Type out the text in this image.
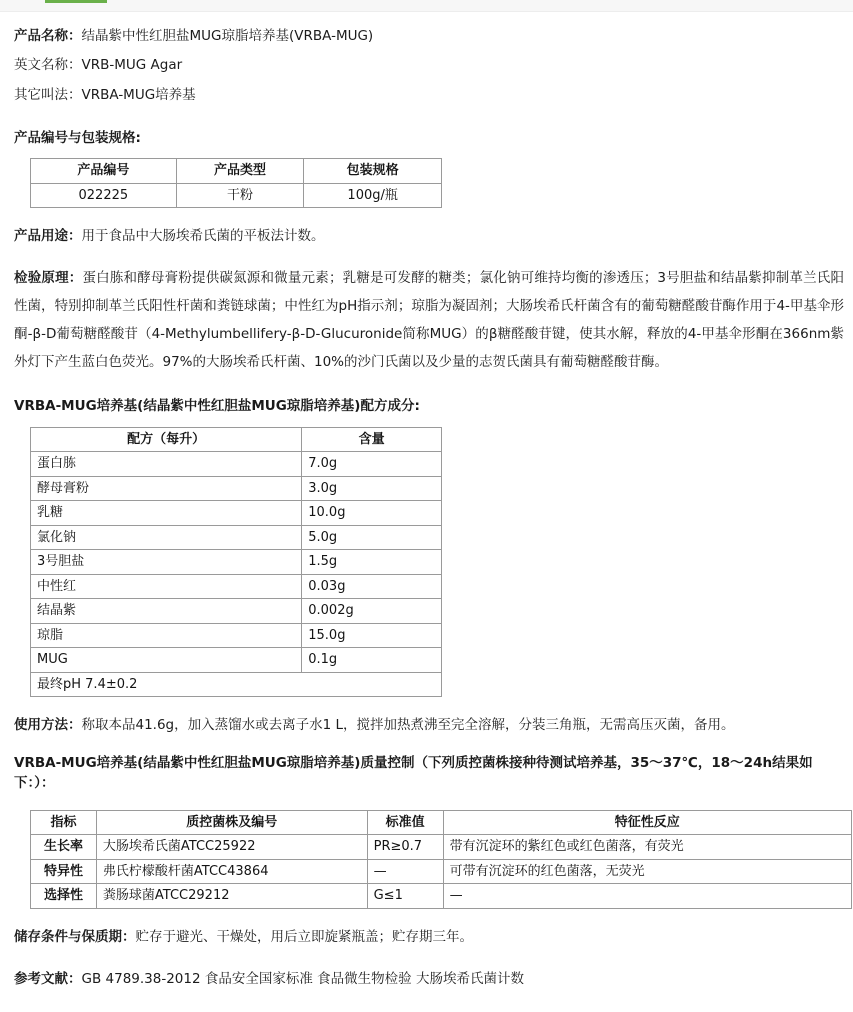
产品名称：结晶紫中性红胆盐MUG琼脂培养基(VRBA-MUG)
英文名称：VRB-MUG Agar
其它叫法：VRBA-MUG培养基
产品编号与包装规格:
产品编号	产品类型	包装规格
022225	干粉	100g/瓶

产品用途：用于食品中大肠埃希氏菌的平板法计数。

检验原理：蛋白胨和酵母膏粉提供碳氮源和微量元素；乳糖是可发酵的糖类；氯化钠可维持均衡的渗透压；3号胆盐和结晶紫抑制革兰氏阳性菌，特别抑制革兰氏阳性杆菌和粪链球菌；中性红为pH指示剂；琼脂为凝固剂；大肠埃希氏杆菌含有的葡萄糖醛酸苷酶作用于4-甲基伞形酮-β-D葡萄糖醛酸苷（4-Methylumbellifery-β-D-Glucuronide简称MUG）的β糖醛酸苷键，使其水解，释放的4-甲基伞形酮在366nm紫外灯下产生蓝白色荧光。97%的大肠埃希氏杆菌、10%的沙门氏菌以及少量的志贺氏菌具有葡萄糖醛酸苷酶。

VRBA-MUG培养基(结晶紫中性红胆盐MUG琼脂培养基)配方成分:
配方（每升）	含量
蛋白胨	7.0g
酵母膏粉	3.0g
乳糖	10.0g
氯化钠	5.0g
3号胆盐	1.5g
中性红	0.03g
结晶紫	0.002g
琼脂	15.0g
MUG	0.1g
最终pH 7.4±0.2	

使用方法：称取本品41.6g，加入蒸馏水或去离子水1 L，搅拌加热煮沸至完全溶解，分装三角瓶，无需高压灭菌，备用。

VRBA-MUG培养基(结晶紫中性红胆盐MUG琼脂培养基)质量控制（下列质控菌株接种待测试培养基，35～37℃，18～24h结果如下：）：

指标	质控菌株及编号	标准值	特征性反应
生长率	大肠埃希氏菌ATCC25922	PR≥0.7	带有沉淀环的紫红色或红色菌落，有荧光
特异性	弗氏柠檬酸杆菌ATCC43864	—	可带有沉淀环的红色菌落，无荧光
选择性	粪肠球菌ATCC29212	G≤1	—

储存条件与保质期：贮存于避光、干燥处，用后立即旋紧瓶盖；贮存期三年。

参考文献：GB 4789.38-2012 食品安全国家标准 食品微生物检验 大肠埃希氏菌计数
